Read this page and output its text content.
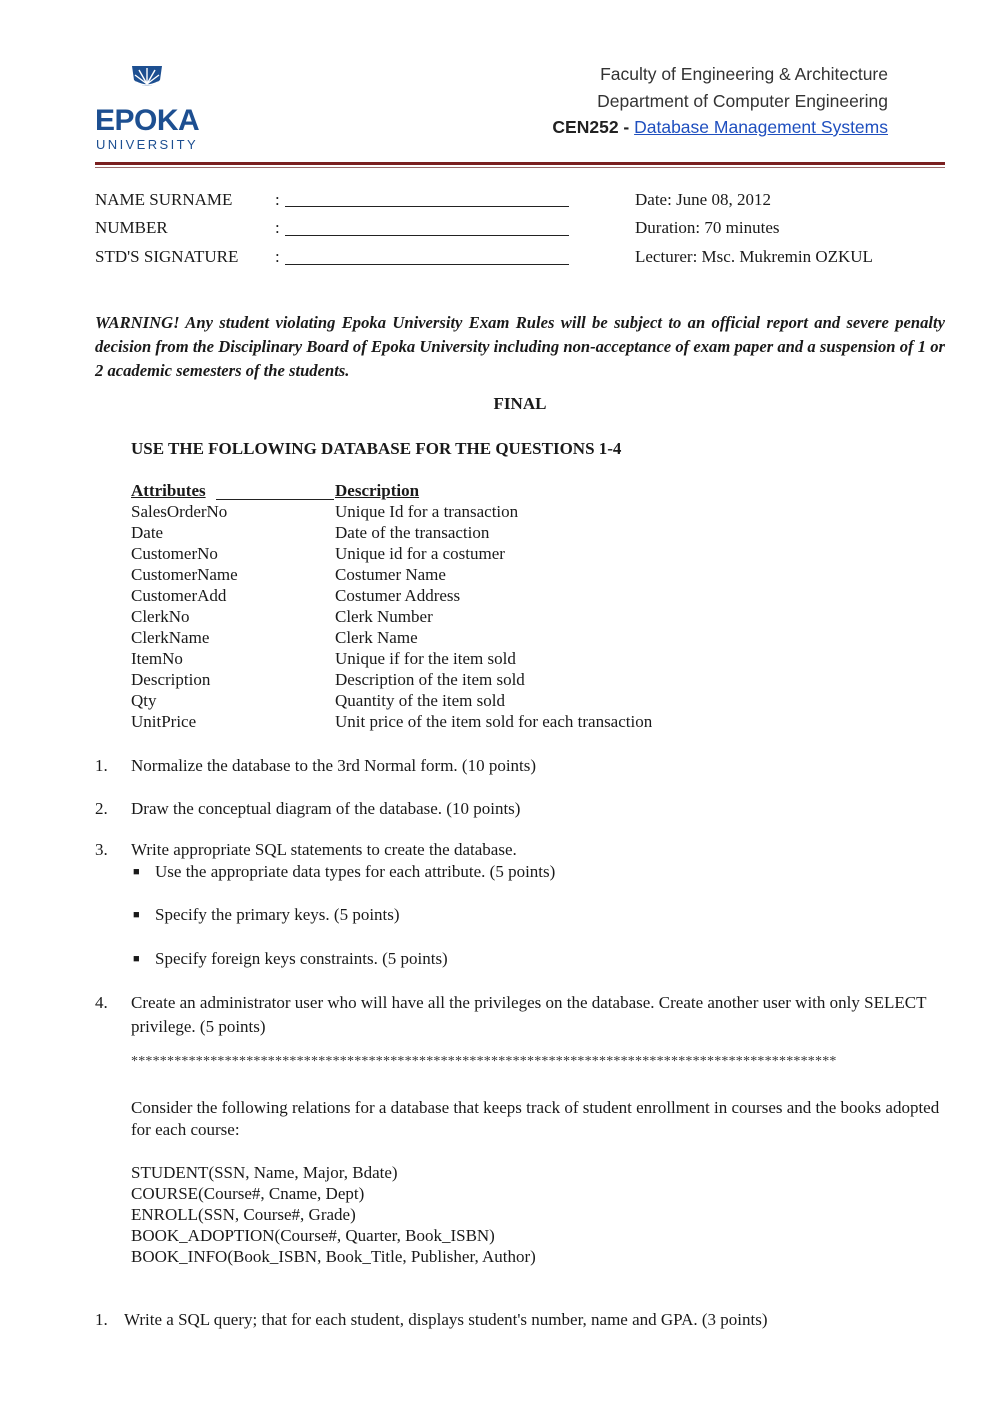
EPOKA
UNIVERSITY
Faculty of Engineering & Architecture
Department of Computer Engineering
CEN252 - Database Management Systems
NAME SURNAME	:
NUMBER	:
STD'S SIGNATURE :
Date: June 08, 2012
Duration: 70 minutes
Lecturer: Msc. Mukremin OZKUL
WARNING! Any student violating Epoka University Exam Rules will be subject to an official report and severe penalty decision from the Disciplinary Board of Epoka University including non-acceptance of exam paper and a suspension of 1 or 2 academic semesters of the students.
FINAL
USE THE FOLLOWING DATABASE FOR THE QUESTIONS 1-4
Attributes	Description
SalesOrderNo	Unique Id for a transaction
Date	Date of the transaction
CustomerNo	Unique id for a costumer
CustomerName	Costumer Name
CustomerAdd	Costumer Address
ClerkNo	Clerk Number
ClerkName	Clerk Name
ItemNo	Unique if for the item sold
Description	Description of the item sold
Qty	Quantity of the item sold
UnitPrice	Unit price of the item sold for each transaction
1. Normalize the database to the 3rd Normal form. (10 points)
2. Draw the conceptual diagram of the database. (10 points)
3. Write appropriate SQL statements to create the database.
■ Use the appropriate data types for each attribute. (5 points)
■ Specify the primary keys. (5 points)
■ Specify foreign keys constraints. (5 points)
4. Create an administrator user who will have all the privileges on the database. Create another user with only SELECT privilege. (5 points)
**************************************************************************************************
Consider the following relations for a database that keeps track of student enrollment in courses and the books adopted for each course:
STUDENT(SSN, Name, Major, Bdate)
COURSE(Course#, Cname, Dept)
ENROLL(SSN, Course#, Grade)
BOOK_ADOPTION(Course#, Quarter, Book_ISBN)
BOOK_INFO(Book_ISBN, Book_Title, Publisher, Author)
1. Write a SQL query; that for each student, displays student's number, name and GPA. (3 points)
